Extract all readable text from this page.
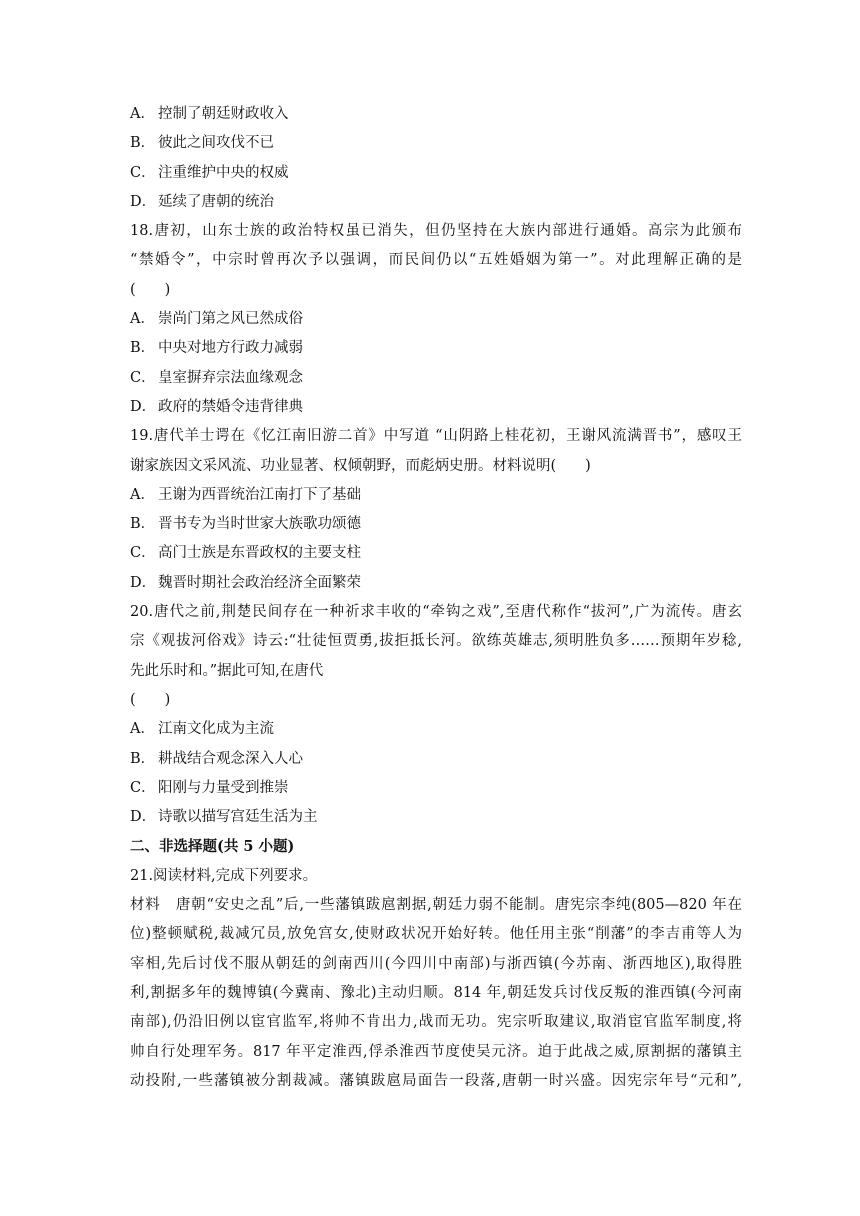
A． 控制了朝廷财政收入
B． 彼此之间攻伐不已
C． 注重维护中央的权威
D． 延续了唐朝的统治
18.唐初，山东士族的政治特权虽已消失，但仍坚持在大族内部进行通婚。高宗为此颁布
“禁婚令”，中宗时曾再次予以强调，而民间仍以“五姓婚姻为第一”。对此理解正确的是
(　　)
A． 崇尚门第之风已然成俗
B． 中央对地方行政力减弱
C． 皇室摒弃宗法血缘观念
D． 政府的禁婚令违背律典
19.唐代羊士谔在《忆江南旧游二首》中写道 “山阴路上桂花初，王谢风流满晋书”，感叹王
谢家族因文采风流、功业显著、权倾朝野，而彪炳史册。材料说明(　　)
A． 王谢为西晋统治江南打下了基础
B． 晋书专为当时世家大族歌功颂德
C． 高门士族是东晋政权的主要支柱
D． 魏晋时期社会政治经济全面繁荣
20.唐代之前,荆楚民间存在一种祈求丰收的“牵钩之戏”,至唐代称作“拔河”,广为流传。唐玄
宗《观拔河俗戏》诗云:“壮徒恒贾勇,拔拒抵长河。欲练英雄志,须明胜负多……预期年岁稔,
先此乐时和。”据此可知,在唐代
(　　)
A． 江南文化成为主流
B． 耕战结合观念深入人心
C． 阳刚与力量受到推崇
D． 诗歌以描写宫廷生活为主
二、非选择题(共 5 小题)
21.阅读材料,完成下列要求。
材料　唐朝“安史之乱”后,一些藩镇跋扈割据,朝廷力弱不能制。唐宪宗李纯(805—820 年在
位)整顿赋税,裁减冗员,放免宫女,使财政状况开始好转。他任用主张“削藩”的李吉甫等人为
宰相,先后讨伐不服从朝廷的剑南西川(今四川中南部)与浙西镇(今苏南、浙西地区),取得胜
利,割据多年的魏博镇(今冀南、豫北)主动归顺。814 年,朝廷发兵讨伐反叛的淮西镇(今河南
南部),仍沿旧例以宦官监军,将帅不肯出力,战而无功。宪宗听取建议,取消宦官监军制度,将
帅自行处理军务。817 年平定淮西,俘杀淮西节度使吴元济。迫于此战之威,原割据的藩镇主
动投附,一些藩镇被分割裁减。藩镇跋扈局面告一段落,唐朝一时兴盛。因宪宗年号“元和”,
